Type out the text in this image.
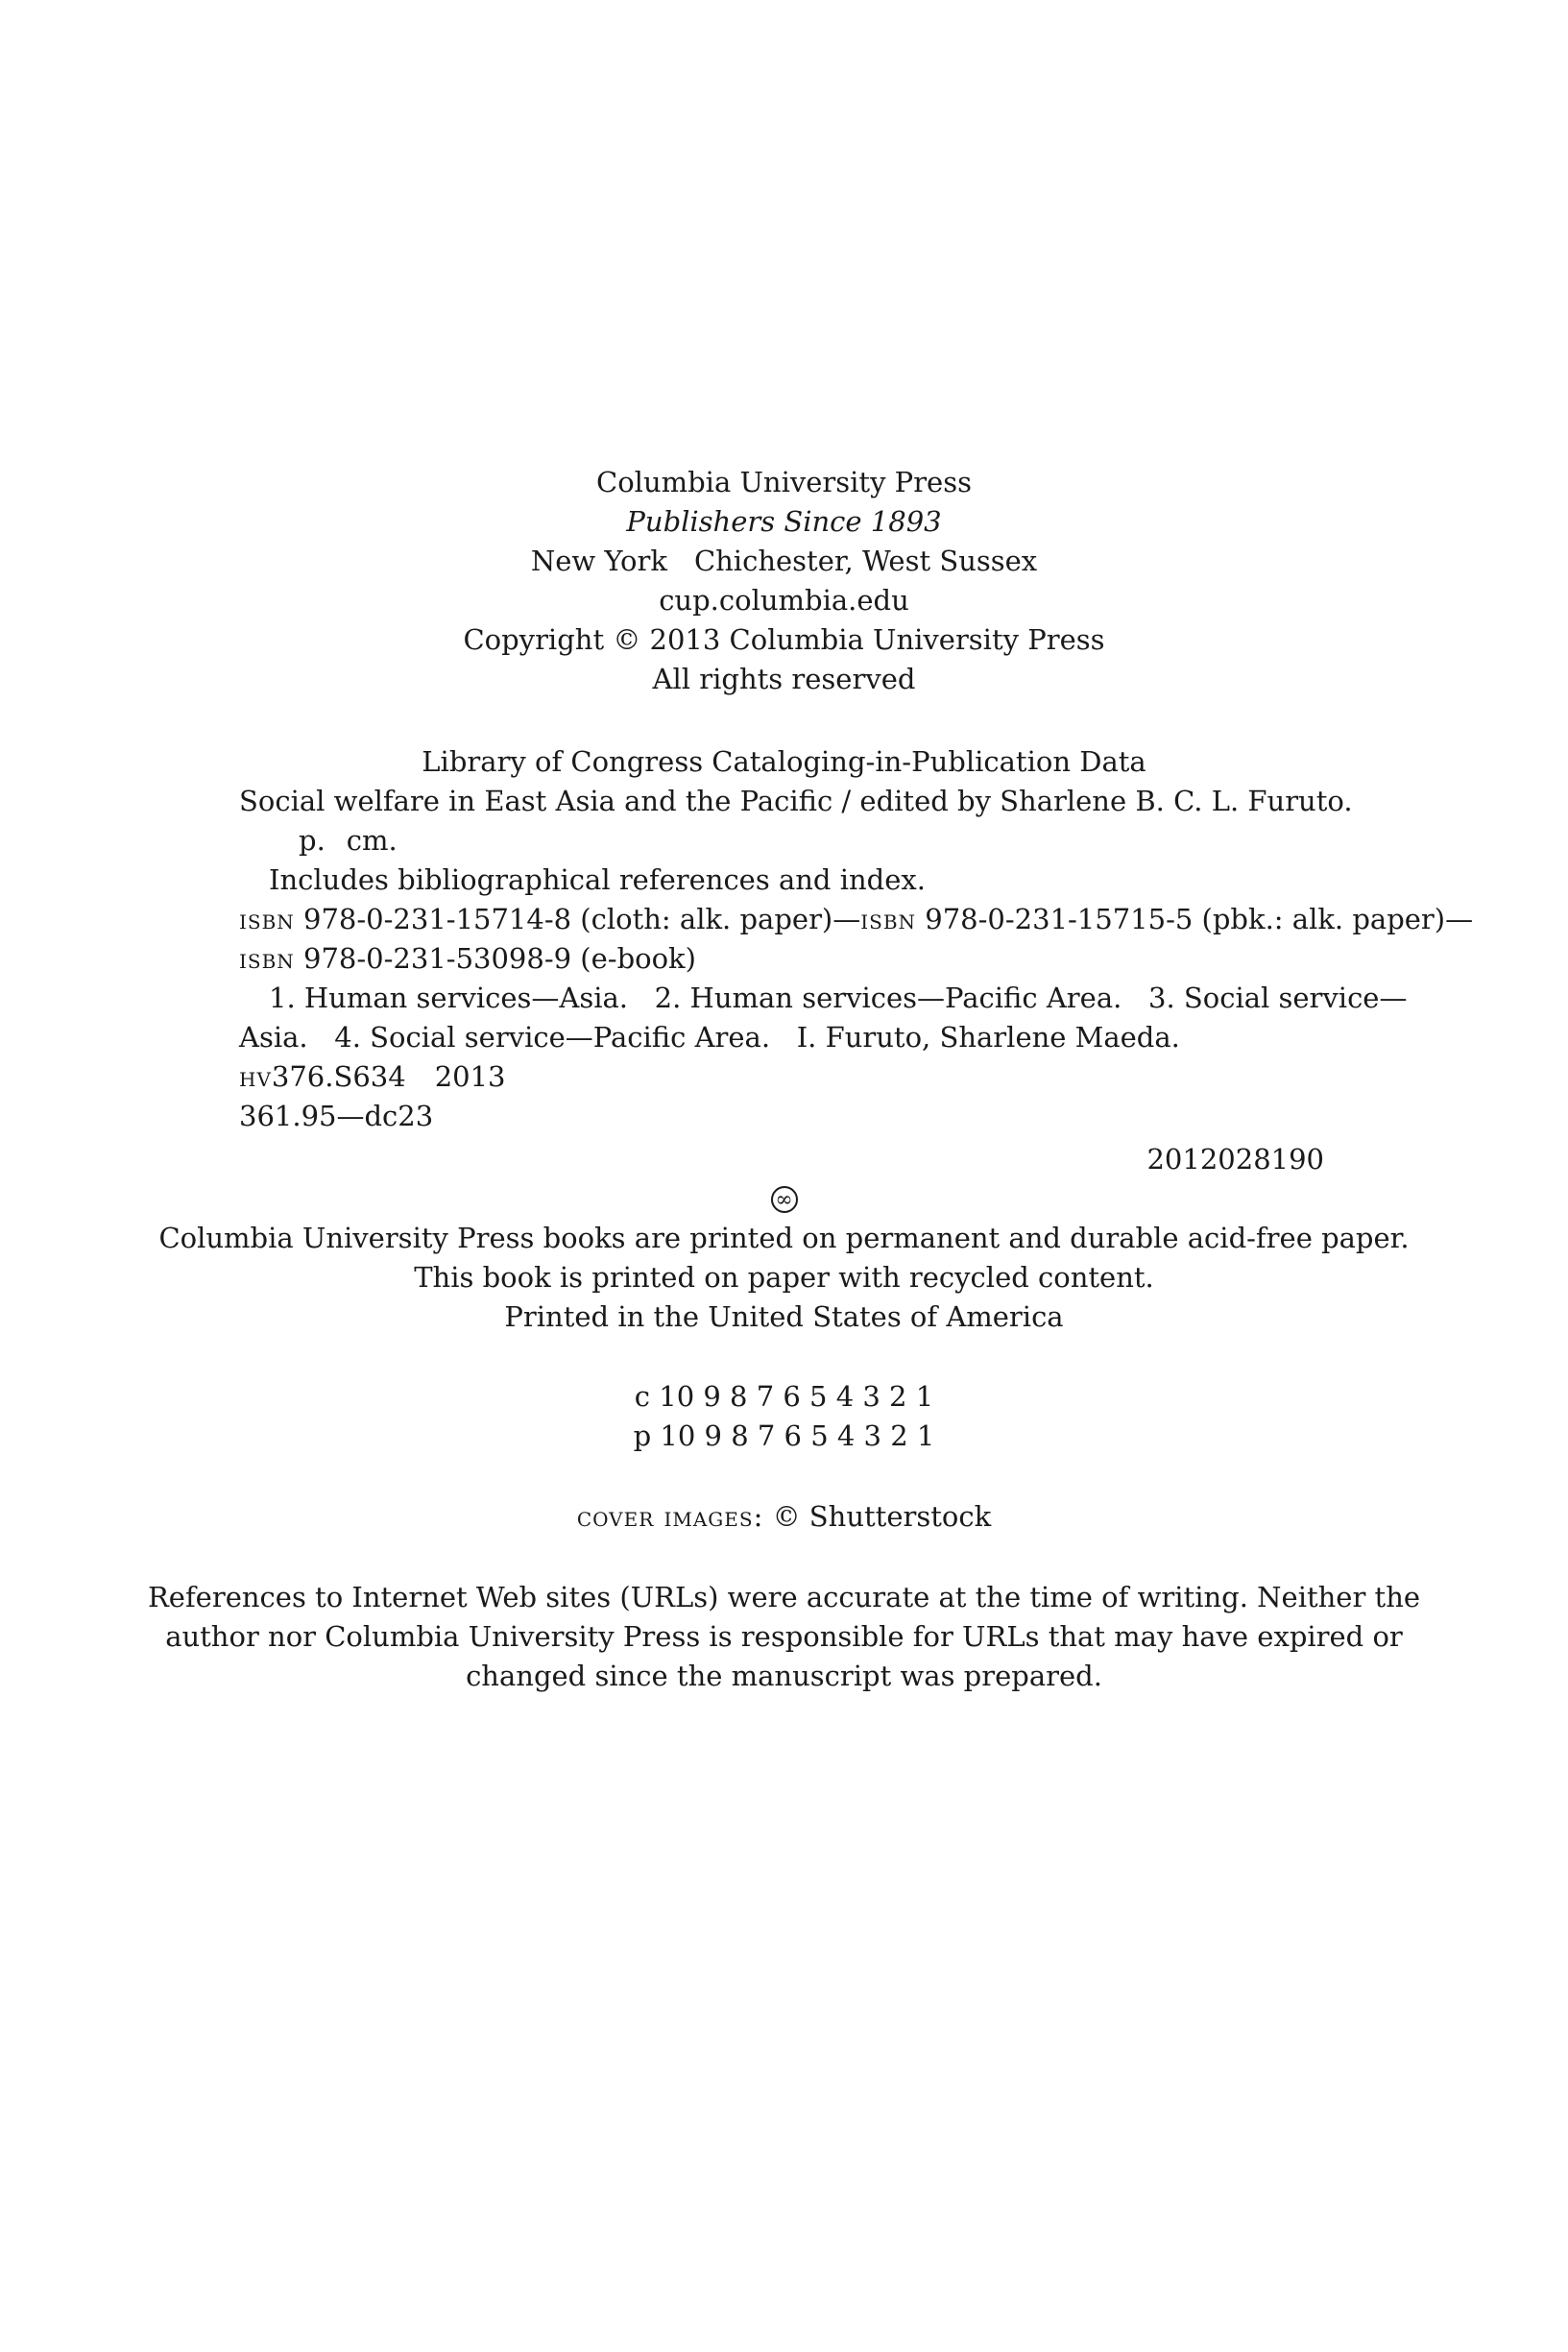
Columbia University Press
Publishers Since 1893
New York Chichester, West Sussex
cup.columbia.edu
Copyright © 2013 Columbia University Press
All rights reserved
Library of Congress Cataloging-in-Publication Data
Social welfare in East Asia and the Pacific / edited by Sharlene B. C. L. Furuto.
p. cm.
Includes bibliographical references and index.
isbn 978-0-231-15714-8 (cloth: alk. paper)—isbn 978-0-231-15715-5 (pbk.: alk. paper)—
isbn 978-0-231-53098-9 (e-book)
1. Human services—Asia.   2. Human services—Pacific Area.   3. Social service—
Asia.   4. Social service—Pacific Area.   I. Furuto, Sharlene Maeda.
hv376.S634 2013
361.95—dc23
2012028190
∞
Columbia University Press books are printed on permanent and durable acid-free paper.
This book is printed on paper with recycled content.
Printed in the United States of America
c 10 9 8 7 6 5 4 3 2 1
p 10 9 8 7 6 5 4 3 2 1
cover images: © Shutterstock
References to Internet Web sites (URLs) were accurate at the time of writing. Neither the
author nor Columbia University Press is responsible for URLs that may have expired or
changed since the manuscript was prepared.
